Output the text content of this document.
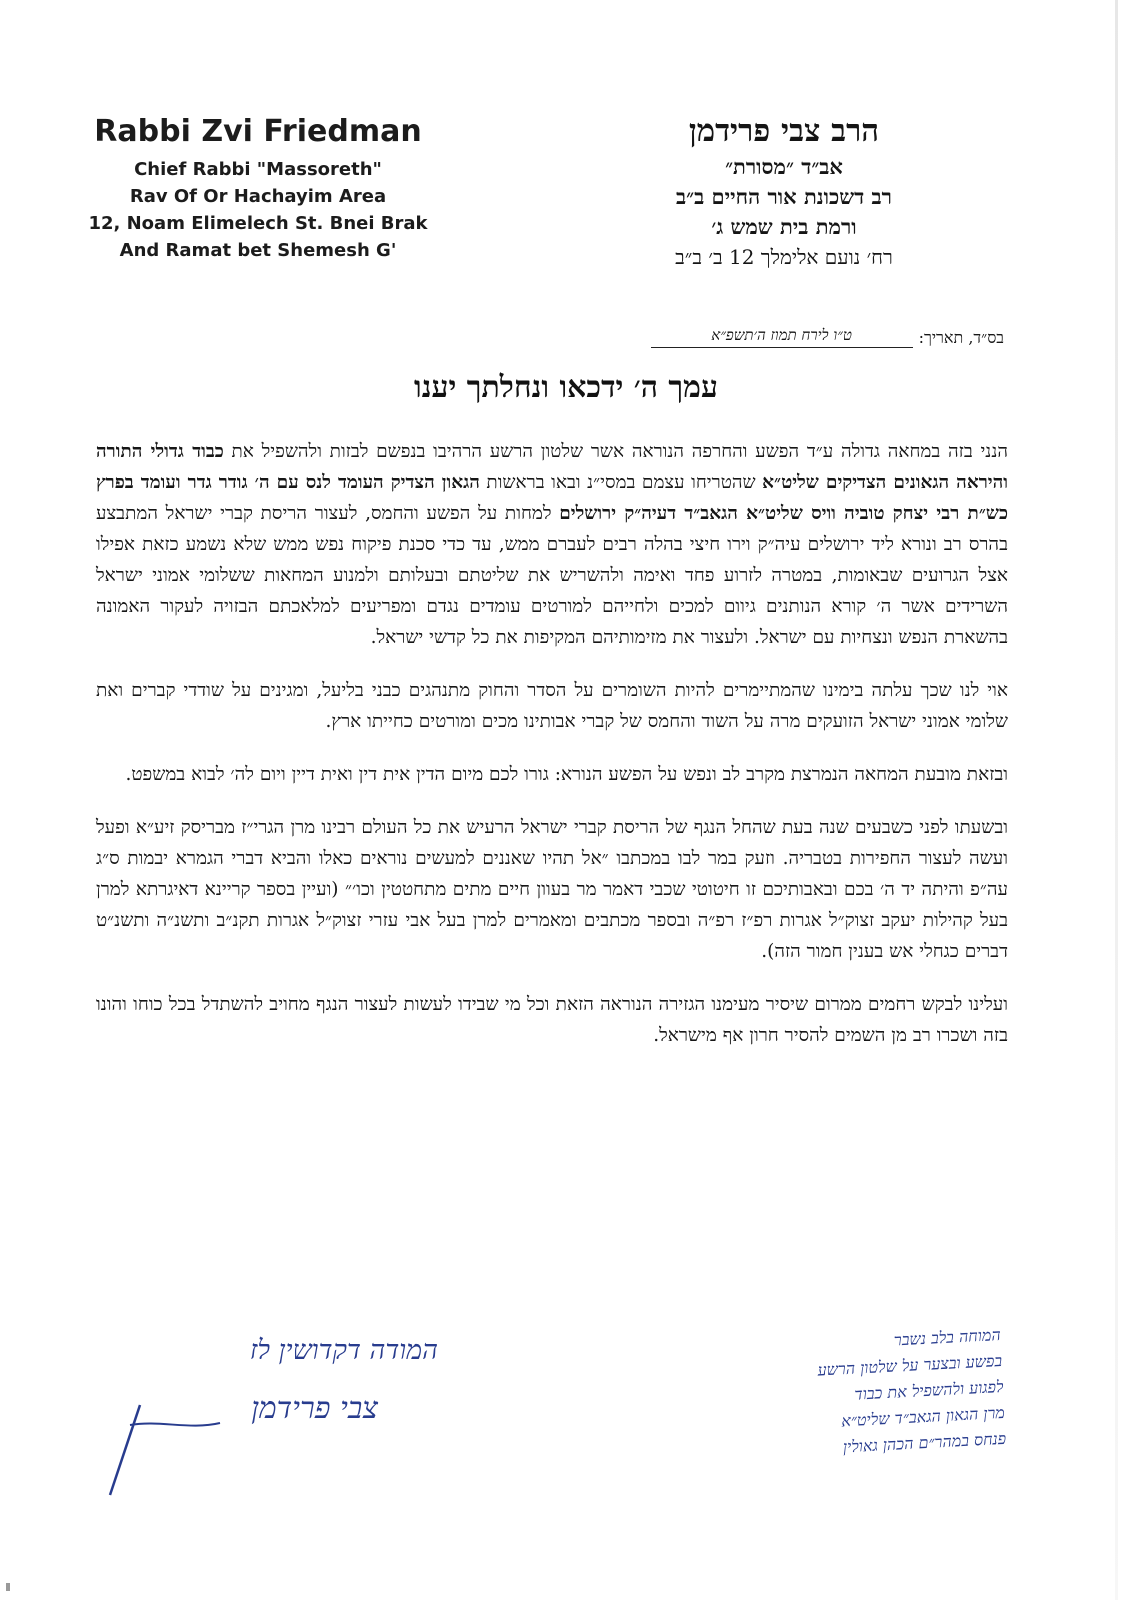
Rabbi Zvi Friedman
Chief Rabbi "Massoreth"
Rav Of Or Hachayim Area
12, Noam Elimelech St. Bnei Brak
And Ramat bet Shemesh G'
הרב צבי פרידמן
אב״ד ״מסורת״
רב דשכונת אור החיים ב״ב
ורמת בית שמש ג׳
רח׳ נועם אלימלך 12 ב׳ ב״ב
בס״ד, תאריך:
ט״ו לירח תמוז ה׳תשפ״א
עמך ה׳ ידכאו ונחלתך יענו

הנני בזה במחאה גדולה ע״ד הפשע והחרפה הנוראה אשר שלטון הרשע הרהיבו בנפשם לבזות ולהשפיל את כבוד גדולי התורה והיראה הגאונים הצדיקים שליט״א שהטריחו עצמם במסי״נ ובאו בראשות הגאון הצדיק העומד לנס עם ה׳ גודר גדר ועומד בפרץ כש״ת רבי יצחק טוביה וויס שליט״א הגאב״ד דעיה״ק ירושלים למחות על הפשע והחמס, לעצור הריסת קברי ישראל המתבצע בהרס רב ונורא ליד ירושלים עיה״ק וירו חיצי בהלה רבים לעברם ממש, עד כדי סכנת פיקוח נפש ממש שלא נשמע כזאת אפילו אצל הגרועים שבאומות, במטרה לזרוע פחד ואימה ולהשריש את שליטתם ובעלותם ולמנוע המחאות ששלומי אמוני ישראל השרידים אשר ה׳ קורא הנותנים גיוום למכים ולחייהם למורטים עומדים נגדם ומפריעים למלאכתם הבזויה לעקור האמונה בהשארת הנפש ונצחיות עם ישראל. ולעצור את מזימותיהם המקיפות את כל קדשי ישראל.

אוי לנו שכך עלתה בימינו שהמתיימרים להיות השומרים על הסדר והחוק מתנהגים כבני בליעל, ומגינים על שודדי קברים ואת שלומי אמוני ישראל הזועקים מרה על השוד והחמס של קברי אבותינו מכים ומורטים כחייתו ארץ.

ובזאת מובעת המחאה הנמרצת מקרב לב ונפש על הפשע הנורא: גורו לכם מיום הדין אית דין ואית דיין ויום לה׳ לבוא במשפט.

ובשעתו לפני כשבעים שנה בעת שהחל הנגף של הריסת קברי ישראל הרעיש את כל העולם רבינו מרן הגרי״ז מבריסק זיע״א ופעל ועשה לעצור החפירות בטבריה. וזעק במר לבו במכתבו ״אל תהיו שאננים למעשים נוראים כאלו והביא דברי הגמרא יבמות ס״ג עה״פ והיתה יד ה׳ בכם ובאבותיכם זו חיטוטי שכבי דאמר מר בעוון חיים מתים מתחטטין וכו׳״ (ועיין בספר קריינא דאיגרתא למרן בעל קהילות יעקב זצוק״ל אגרות רפ״ז רפ״ה ובספר מכתבים ומאמרים למרן בעל אבי עזרי זצוק״ל אגרות תקנ״ב ותשנ״ה ותשנ״ט דברים כגחלי אש בענין חמור הזה).

ועלינו לבקש רחמים ממרום שיסיר מעימנו הגזירה הנוראה הזאת וכל מי שבידו לעשות לעצור הנגף מחויב להשתדל בכל כוחו והונו בזה ושכרו רב מן השמים להסיר חרון אף מישראל.

המודה דקדושין לז
צבי פרידמן
המוחה בלב נשבר
בפשע ובצער על שלטון הרשע
לפגוע ולהשפיל את כבוד
מרן הגאון הגאב״ד שליט״א
פנחס במהר״ם הכהן גאולין
